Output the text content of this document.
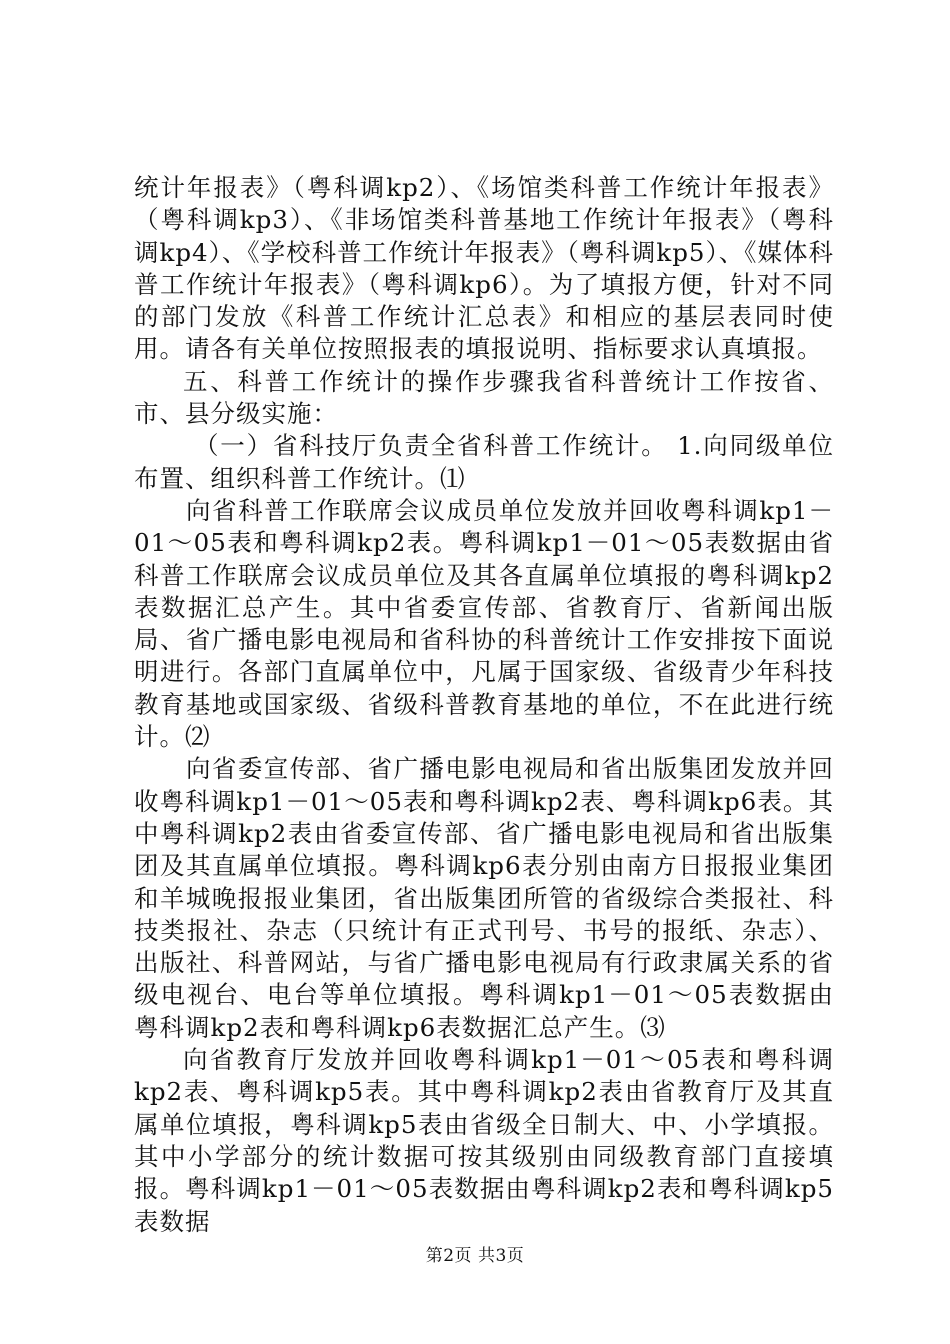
统计年报表》（粤科调kp2）、《场馆类科普工作统计年报表》（粤科调kp3）、《非场馆类科普基地工作统计年报表》（粤科调kp4）、《学校科普工作统计年报表》（粤科调kp5）、《媒体科普工作统计年报表》（粤科调kp6）。为了填报方便，针对不同的部门发放《科普工作统计汇总表》和相应的基层表同时使用。请各有关单位按照报表的填报说明、指标要求认真填报。

五、科普工作统计的操作步骤我省科普统计工作按省、市、县分级实施：

（一）省科技厅负责全省科普工作统计。 1.向同级单位布置、组织科普工作统计。⑴

向省科普工作联席会议成员单位发放并回收粤科调kp1－01～05表和粤科调kp2表。粤科调kp1－01～05表数据由省科普工作联席会议成员单位及其各直属单位填报的粤科调kp2表数据汇总产生。其中省委宣传部、省教育厅、省新闻出版局、省广播电影电视局和省科协的科普统计工作安排按下面说明进行。各部门直属单位中，凡属于国家级、省级青少年科技教育基地或国家级、省级科普教育基地的单位，不在此进行统计。⑵

向省委宣传部、省广播电影电视局和省出版集团发放并回收粤科调kp1－01～05表和粤科调kp2表、粤科调kp6表。其中粤科调kp2表由省委宣传部、省广播电影电视局和省出版集团及其直属单位填报。粤科调kp6表分别由南方日报报业集团和羊城晚报报业集团，省出版集团所管的省级综合类报社、科技类报社、杂志（只统计有正式刊号、书号的报纸、杂志）、出版社、科普网站，与省广播电影电视局有行政隶属关系的省级电视台、电台等单位填报。粤科调kp1－01～05表数据由粤科调kp2表和粤科调kp6表数据汇总产生。⑶

向省教育厅发放并回收粤科调kp1－01～05表和粤科调kp2表、粤科调kp5表。其中粤科调kp2表由省教育厅及其直属单位填报，粤科调kp5表由省级全日制大、中、小学填报。其中小学部分的统计数据可按其级别由同级教育部门直接填报。粤科调kp1－01～05表数据由粤科调kp2表和粤科调kp5表数据

第2页 共3页
